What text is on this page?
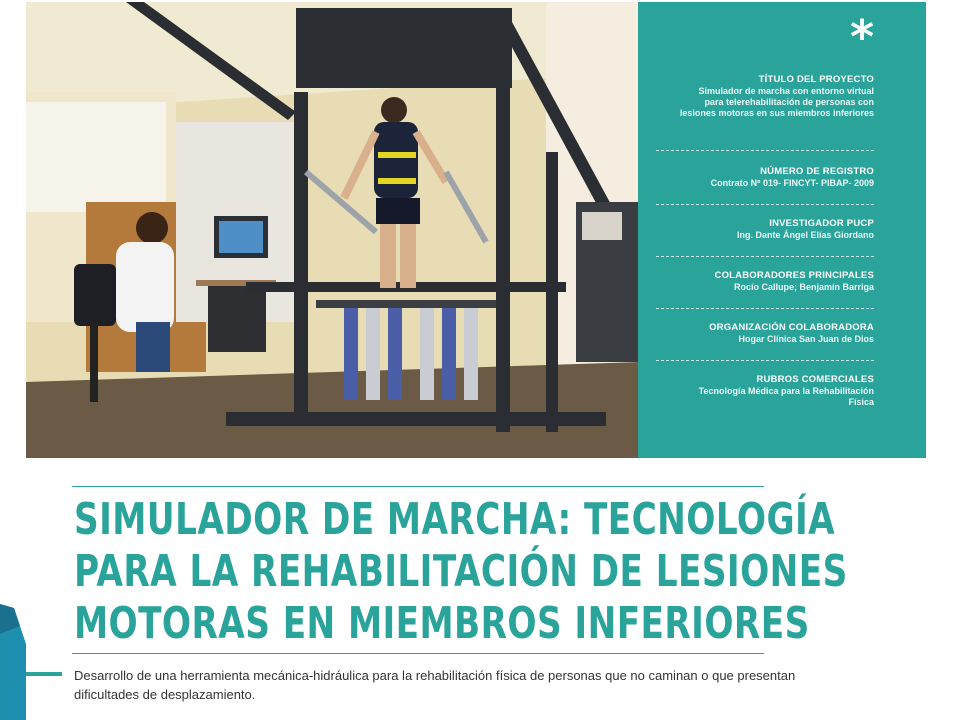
*
TÍTULO DEL PROYECTO
Simulador de marcha con entorno virtual para telerehabilitación de personas con lesiones motoras en sus miembros inferiores
NÚMERO DE REGISTRO
Contrato Nº 019- FINCYT- PIBAP- 2009
INVESTIGADOR PUCP
Ing. Dante Ángel Elías Giordano
COLABORADORES PRINCIPALES
Rocío Callupe; Benjamín Barriga
ORGANIZACIÓN COLABORADORA
Hogar Clínica San Juan de Dios
RUBROS COMERCIALES
Tecnología Médica para la Rehabilitación Física
SIMULADOR DE MARCHA: TECNOLOGÍA
PARA LA REHABILITACIÓN DE LESIONES
MOTORAS EN MIEMBROS INFERIORES
Desarrollo de una herramienta mecánica-hidráulica para la rehabilitación física de personas que no caminan o que presentan dificultades de desplazamiento.
